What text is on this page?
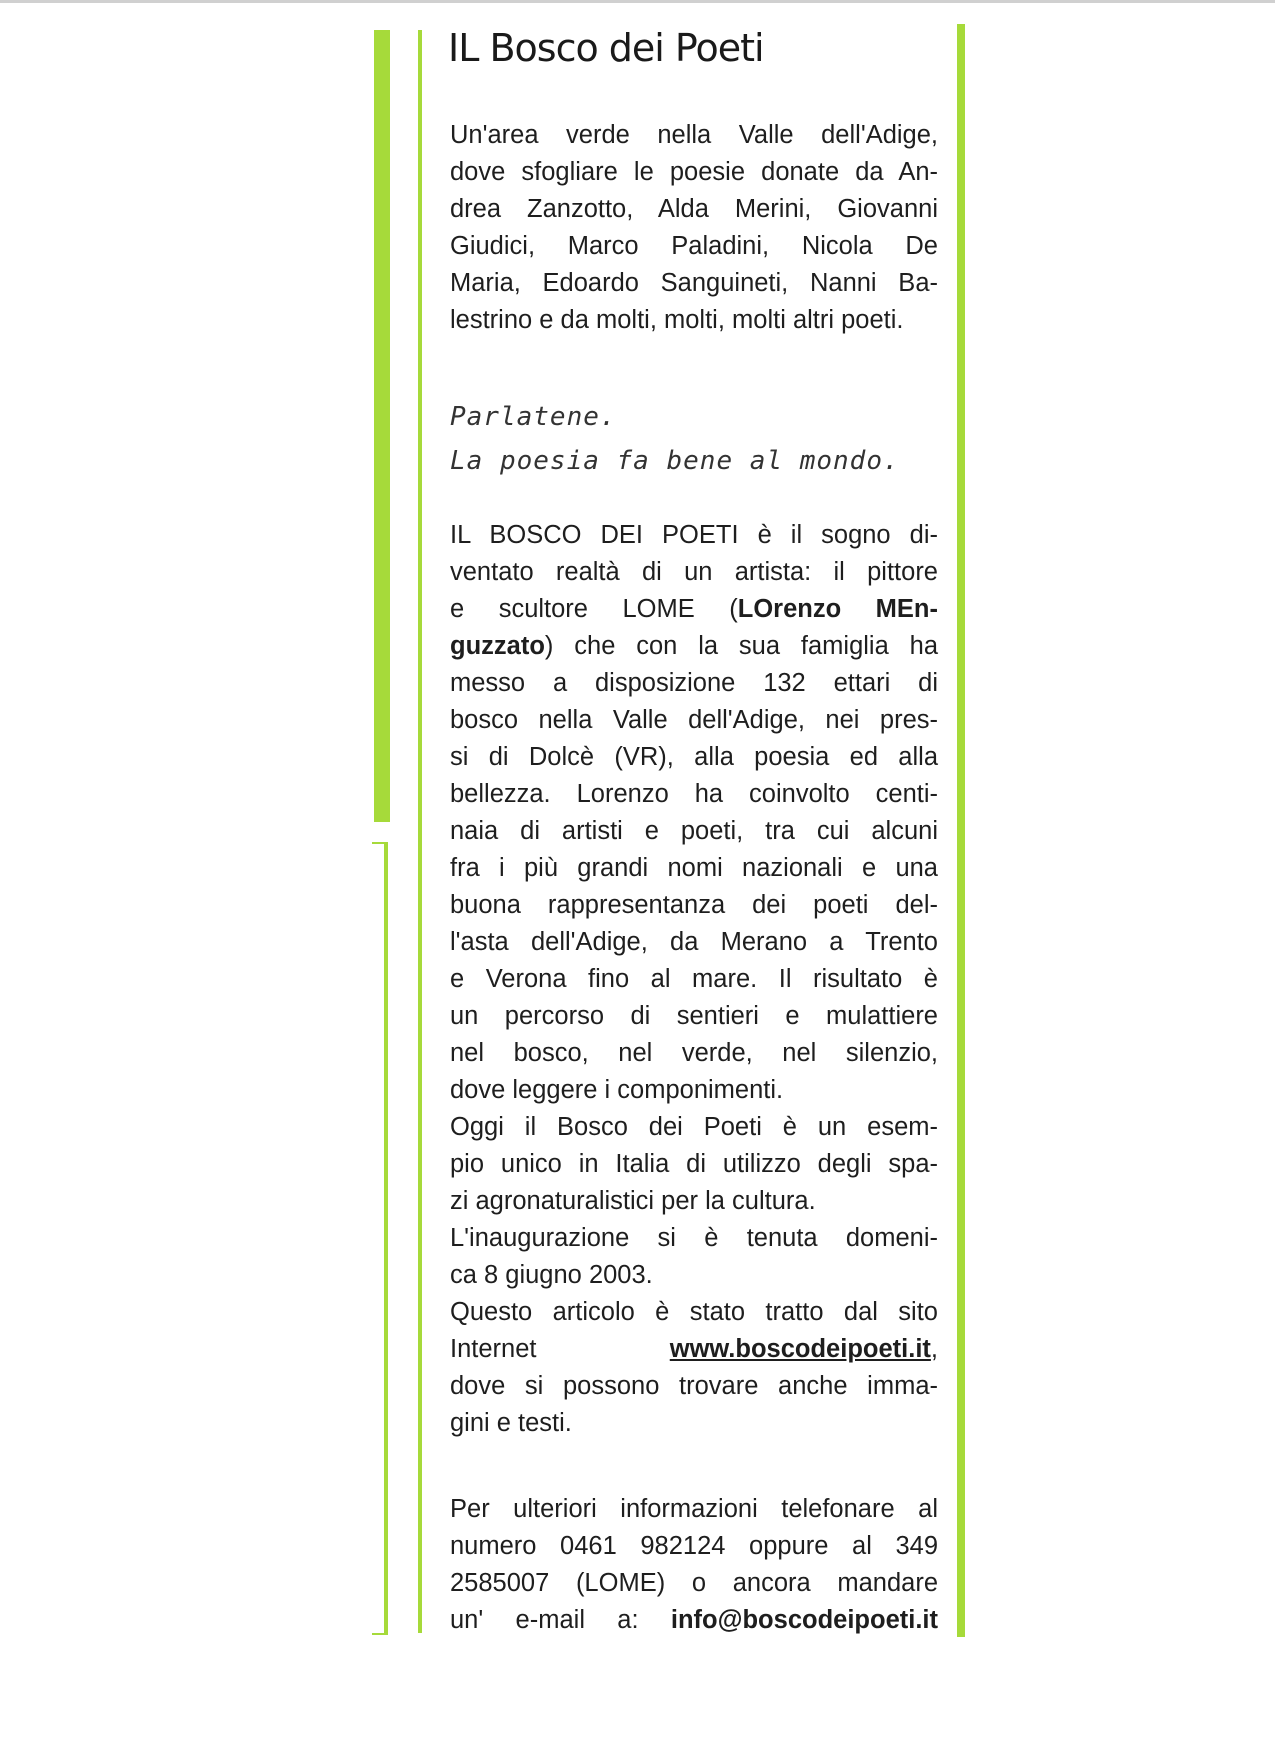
IL Bosco dei Poeti
Un'area verde nella Valle dell'Adige,
dove sfogliare le poesie donate da An-
drea Zanzotto, Alda Merini, Giovanni
Giudici, Marco Paladini, Nicola De
Maria, Edoardo Sanguineti, Nanni Ba-
lestrino e da molti, molti, molti altri poeti.
Parlatene.
La poesia fa bene al mondo.
IL BOSCO DEI POETI è il sogno di-
ventato realtà di un artista: il pittore
e scultore LOME (LOrenzo MEn-
guzzato) che con la sua famiglia ha
messo a disposizione 132 ettari di
bosco nella Valle dell'Adige, nei pres-
si di Dolcè (VR), alla poesia ed alla
bellezza. Lorenzo ha coinvolto centi-
naia di artisti e poeti, tra cui alcuni
fra i più grandi nomi nazionali e una
buona rappresentanza dei poeti del-
l'asta dell'Adige, da Merano a Trento
e Verona fino al mare. Il risultato è
un percorso di sentieri e mulattiere
nel bosco, nel verde, nel silenzio,
dove leggere i componimenti.
Oggi il Bosco dei Poeti è un esem-
pio unico in Italia di utilizzo degli spa-
zi agronaturalistici per la cultura.
L'inaugurazione si è tenuta domeni-
ca 8 giugno 2003.
Questo articolo è stato tratto dal sito
Internet www.boscodeipoeti.it,
dove si possono trovare anche imma-
gini e testi.
Per ulteriori informazioni telefonare al
numero 0461 982124 oppure al 349
2585007 (LOME) o ancora mandare
un' e-mail a: info@boscodeipoeti.it
